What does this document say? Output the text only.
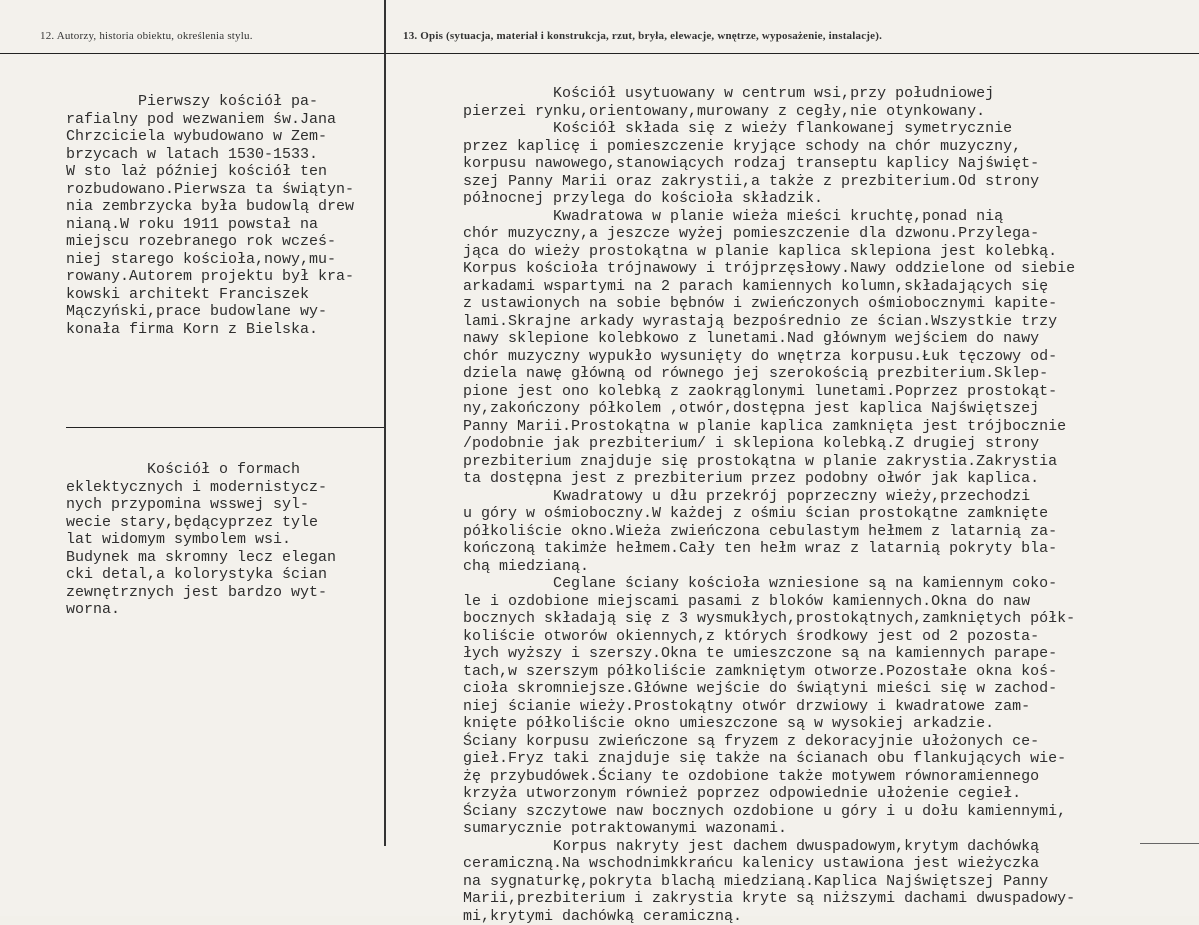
12. Autorzy, historia obiektu, określenia stylu.	13. Opis (sytuacja, materiał i konstrukcja, rzut, bryła, elewacje, wnętrze, wyposażenie, instalacje).
Pierwszy kościół pa-
rafialny pod wezwaniem św.Jana
Chrzciciela wybudowano w Zem-
brzycach w latach 1530-1533.
W sto laż później kościół ten
rozbudowano.Pierwsza ta świątyn-
nia zembrzycka była budowlą drew
nianą.W roku 1911 powstał na
miejscu rozebranego rok wcześ-
niej starego kościoła,nowy,mu-
rowany.Autorem projektu był kra-
kowski architekt Franciszek
Mączyński,prace budowlane wy-
konała firma Korn z Bielska.
Kościół o formach
eklektycznych i modernistycz-
nych przypomina wsswej syl-
wecie stary,będącyprzez tyle
lat widomym symbolem wsi.
Budynek ma skromny lecz elegan
cki detal,a kolorystyka ścian
zewnętrznych jest bardzo wyt-
worna.
Kościół usytuowany w centrum wsi,przy południowej
pierzei rynku,orientowany,murowany z cegły,nie otynkowany.
Kościół składa się z wieży flankowanej symetrycznie
przez kaplicę i pomieszczenie kryjące schody na chór muzyczny,
korpusu nawowego,stanowiących rodzaj transeptu kaplicy Najświęt-
szej Panny Marii oraz zakrystii,a także z prezbiterium.Od strony
północnej przylega do kościoła składzik.
Kwadratowa w planie wieża mieści kruchtę,ponad nią
chór muzyczny,a jeszcze wyżej pomieszczenie dla dzwonu.Przylega-
jąca do wieży prostokątna w planie kaplica sklepiona jest kolebką.
Korpus kościoła trójnawowy i trójprzęsłowy.Nawy oddzielone od siebie
arkadami wspartymi na 2 parach kamiennych kolumn,składających się
z ustawionych na sobie bębnów i zwieńczonych ośmiobocznymi kapite-
lami.Skrajne arkady wyrastają bezpośrednio ze ścian.Wszystkie trzy
nawy sklepione kolebkowo z lunetami.Nad głównym wejściem do nawy
chór muzyczny wypukło wysunięty do wnętrza korpusu.Łuk tęczowy od-
dziela nawę główną od równego jej szerokością prezbiterium.Sklep-
pione jest ono kolebką z zaokrąglonymi lunetami.Poprzez prostokąt-
ny,zakończony półkolem ,otwór,dostępna jest kaplica Najświętszej
Panny Marii.Prostokątna w planie kaplica zamknięta jest trójbocznie
/podobnie jak prezbiterium/ i sklepiona kolebką.Z drugiej strony
prezbiterium znajduje się prostokątna w planie zakrystia.Zakrystia
ta dostępna jest z prezbiterium przez podobny ołwór jak kaplica.
Kwadratowy u dłu przekrój poprzeczny wieży,przechodzi
u góry w ośmioboczny.W każdej z ośmiu ścian prostokątne zamknięte
półkoliście okno.Wieża zwieńczona cebulastym hełmem z latarnią za-
kończoną takimże hełmem.Cały ten hełm wraz z latarnią pokryty bla-
chą miedzianą.
Ceglane ściany kościoła wzniesione są na kamiennym coko-
le i ozdobione miejscami pasami z bloków kamiennych.Okna do naw
bocznych składają się z 3 wysmukłych,prostokątnych,zamkniętych półk-
koliście otworów okiennych,z których środkowy jest od 2 pozosta-
łych wyższy i szerszy.Okna te umieszczone są na kamiennych parape-
tach,w szerszym półkoliście zamkniętym otworze.Pozostałe okna koś-
cioła skromniejsze.Główne wejście do świątyni mieści się w zachod-
niej ścianie wieży.Prostokątny otwór drzwiowy i kwadratowe zam-
knięte półkoliście okno umieszczone są w wysokiej arkadzie.
Ściany korpusu zwieńczone są fryzem z dekoracyjnie ułożonych ce-
gieł.Fryz taki znajduje się także na ścianach obu flankujących wie-
żę przybudówek.Ściany te ozdobione także motywem równoramiennego
krzyża utworzonym również poprzez odpowiednie ułożenie cegieł.
Ściany szczytowe naw bocznych ozdobione u góry i u dołu kamiennymi,
sumarycznie potraktowanymi wazonami.
Korpus nakryty jest dachem dwuspadowym,krytym dachówką
ceramiczną.Na wschodnimkkrańcu kalenicy ustawiona jest wieżyczka
na sygnaturkę,pokryta blachą miedzianą.Kaplica Najświętszej Panny
Marii,prezbiterium i zakrystia kryte są niższymi dachami dwuspadowy-
mi,krytymi dachówką ceramiczną.
